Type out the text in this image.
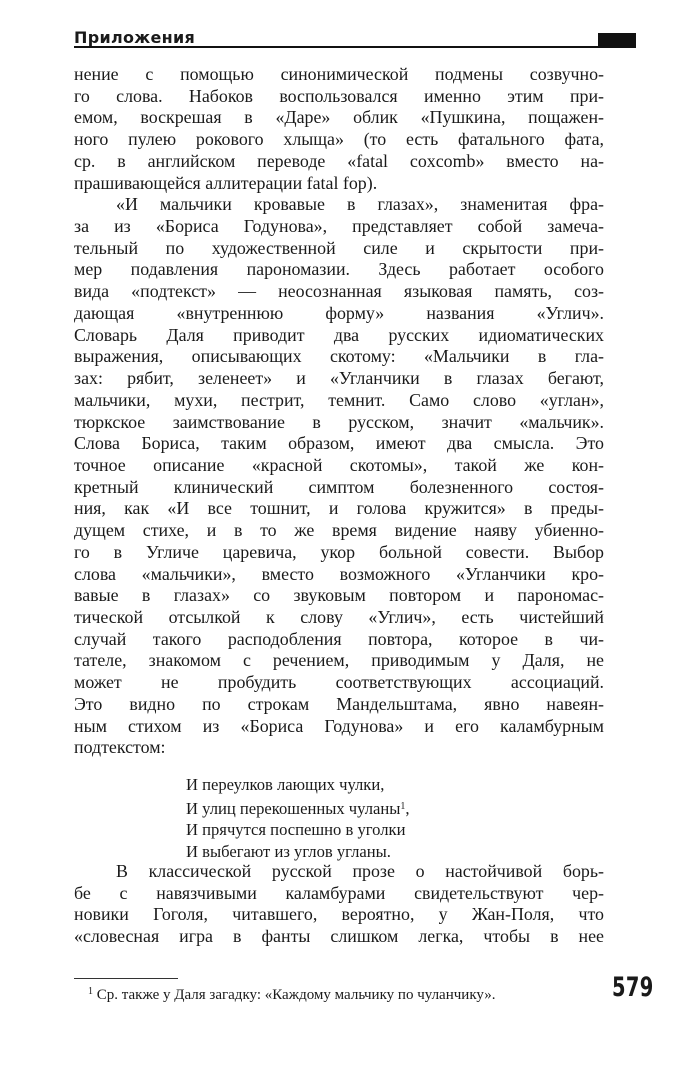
Приложения
нение с помощью синонимической подмены созвучно-
го слова. Набоков воспользовался именно этим при-
емом, воскрешая в «Даре» облик «Пушкина, пощажен-
ного пулею рокового хлыща» (то есть фатального фата,
ср. в английском переводе «fatal coxcomb» вместо на-
прашивающейся аллитерации fatal fop).
«И мальчики кровавые в глазах», знаменитая фра-
за из «Бориса Годунова», представляет собой замеча-
тельный по художественной силе и скрытости при-
мер подавления парономазии. Здесь работает особого
вида «подтекст» — неосознанная языковая память, соз-
дающая «внутреннюю форму» названия «Углич».
Словарь Даля приводит два русских идиоматических
выражения, описывающих скотому: «Мальчики в гла-
зах: рябит, зеленеет» и «Угланчики в глазах бегают,
мальчики, мухи, пестрит, темнит. Само слово «углан»,
тюркское заимствование в русском, значит «мальчик».
Слова Бориса, таким образом, имеют два смысла. Это
точное описание «красной скотомы», такой же кон-
кретный клинический симптом болезненного состоя-
ния, как «И все тошнит, и голова кружится» в преды-
дущем стихе, и в то же время видение наяву убиенно-
го в Угличе царевича, укор больной совести. Выбор
слова «мальчики», вместо возможного «Угланчики кро-
вавые в глазах» со звуковым повтором и парономас-
тической отсылкой к слову «Углич», есть чистейший
случай такого расподобления повтора, которое в чи-
тателе, знакомом с речением, приводимым у Даля, не
может не пробудить соответствующих ассоциаций.
Это видно по строкам Мандельштама, явно навеян-
ным стихом из «Бориса Годунова» и его каламбурным
подтекстом:
И переулков лающих чулки,
И улиц перекошенных чуланы$^1$,
И прячутся поспешно в уголки
И выбегают из углов угланы.
В классической русской прозе о настойчивой борь-
бе с навязчивыми каламбурами свидетельствуют чер-
новики Гоголя, читавшего, вероятно, у Жан-Поля, что
«словесная игра в фанты слишком легка, чтобы в нее
$^1$ Ср. также у Даля загадку: «Каждому мальчику по чуланчику».	579
